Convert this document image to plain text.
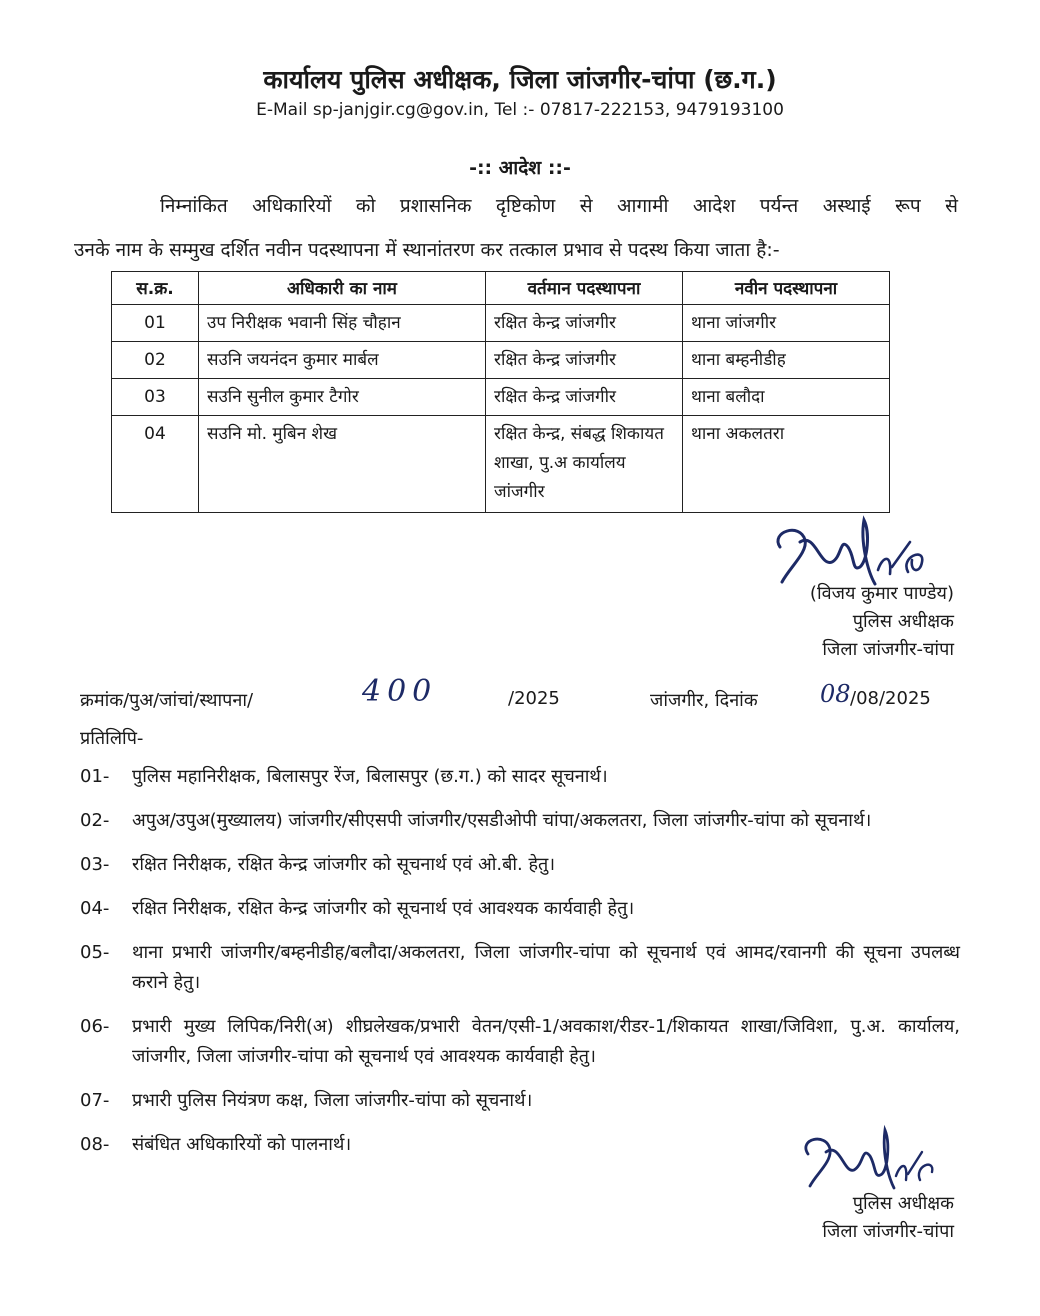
कार्यालय पुलिस अधीक्षक, जिला जांजगीर-चांपा (छ.ग.)
E-Mail sp-janjgir.cg@gov.in, Tel :- 07817-222153, 9479193100
-:: आदेश ::-
निम्नांकित अधिकारियों को प्रशासनिक दृष्टिकोण से आगामी आदेश पर्यन्त अस्थाई रूप से
उनके नाम के सम्मुख दर्शित नवीन पदस्थापना में स्थानांतरण कर तत्काल प्रभाव से पदस्थ किया जाता है:-
स.क्र.	अधिकारी का नाम	वर्तमान पदस्थापना	नवीन पदस्थापना
01	उप निरीक्षक भवानी सिंह चौहान	रक्षित केन्द्र जांजगीर	थाना जांजगीर
02	सउनि जयनंदन कुमार मार्बल	रक्षित केन्द्र जांजगीर	थाना बम्हनीडीह
03	सउनि सुनील कुमार टैगोर	रक्षित केन्द्र जांजगीर	थाना बलौदा
04	सउनि मो. मुबिन शेख	रक्षित केन्द्र, संबद्ध शिकायत शाखा, पु.अ कार्यालय जांजगीर	थाना अकलतरा
(विजय कुमार पाण्डेय)
पुलिस अधीक्षक
जिला जांजगीर-चांपा
क्रमांक/पुअ/जांचां/स्थापना/	400	/2025	जांजगीर, दिनांक	08 /08/2025
प्रतिलिपि-
01- पुलिस महानिरीक्षक, बिलासपुर रेंज, बिलासपुर (छ.ग.) को सादर सूचनार्थ।
02- अपुअ/उपुअ(मुख्यालय) जांजगीर/सीएसपी जांजगीर/एसडीओपी चांपा/अकलतरा, जिला जांजगीर-चांपा को सूचनार्थ।
03- रक्षित निरीक्षक, रक्षित केन्द्र जांजगीर को सूचनार्थ एवं ओ.बी. हेतु।
04- रक्षित निरीक्षक, रक्षित केन्द्र जांजगीर को सूचनार्थ एवं आवश्यक कार्यवाही हेतु।
05- थाना प्रभारी जांजगीर/बम्हनीडीह/बलौदा/अकलतरा, जिला जांजगीर-चांपा को सूचनार्थ एवं आमद/रवानगी की सूचना उपलब्ध कराने हेतु।
06- प्रभारी मुख्य लिपिक/निरी(अ) शीघ्रलेखक/प्रभारी वेतन/एसी-1/अवकाश/रीडर-1/शिकायत शाखा/जिविशा, पु.अ. कार्यालय, जांजगीर, जिला जांजगीर-चांपा को सूचनार्थ एवं आवश्यक कार्यवाही हेतु।
07- प्रभारी पुलिस नियंत्रण कक्ष, जिला जांजगीर-चांपा को सूचनार्थ।
08- संबंधित अधिकारियों को पालनार्थ।
पुलिस अधीक्षक
जिला जांजगीर-चांपा
